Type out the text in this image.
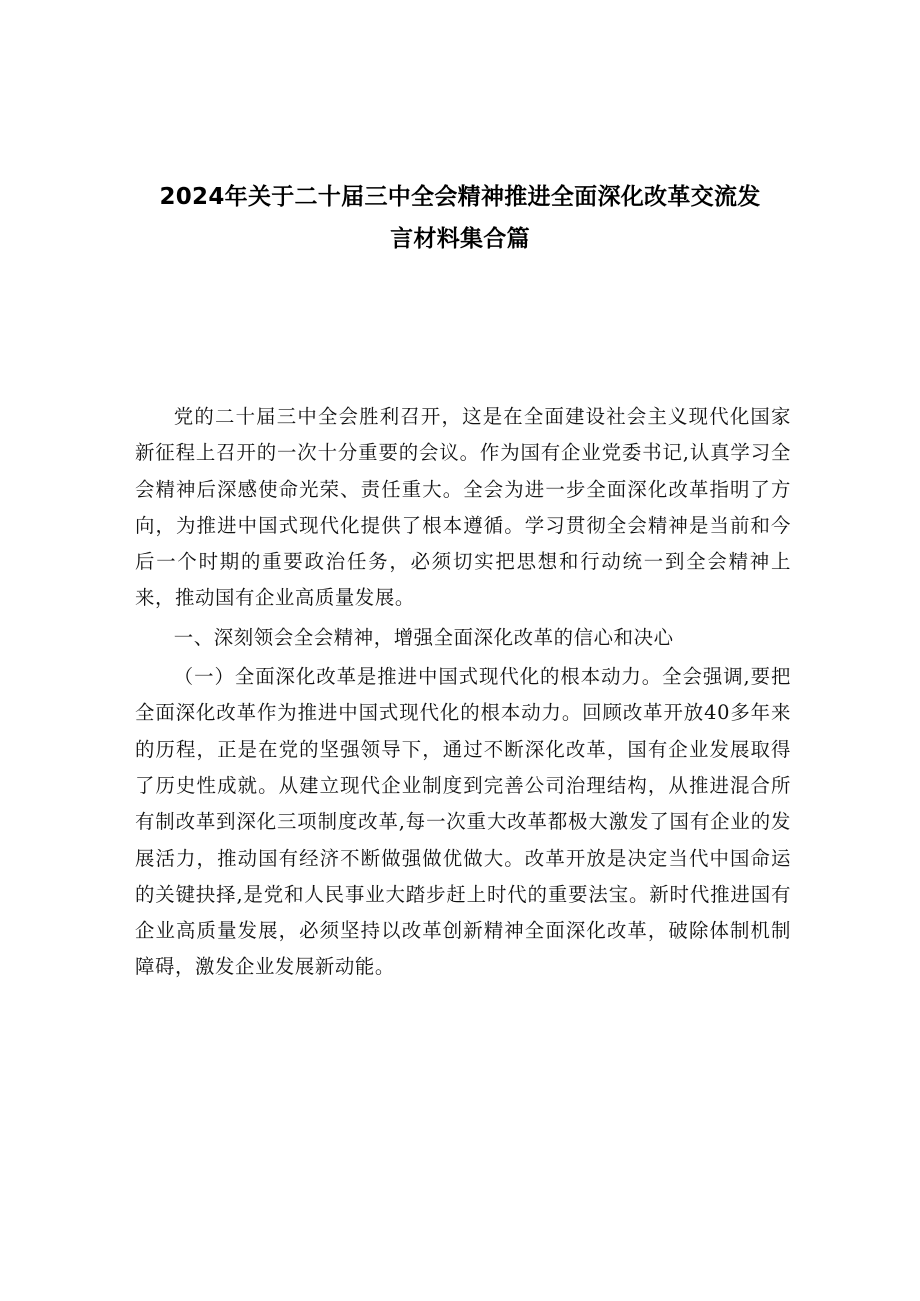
2024年关于二十届三中全会精神推进全面深化改革交流发
言材料集合篇

党的二十届三中全会胜利召开，这是在全面建设社会主义现代化国家新征程上召开的一次十分重要的会议。作为国有企业党委书记,认真学习全会精神后深感使命光荣、责任重大。全会为进一步全面深化改革指明了方向，为推进中国式现代化提供了根本遵循。学习贯彻全会精神是当前和今后一个时期的重要政治任务，必须切实把思想和行动统一到全会精神上来，推动国有企业高质量发展。

一、深刻领会全会精神，增强全面深化改革的信心和决心

（一）全面深化改革是推进中国式现代化的根本动力。全会强调,要把全面深化改革作为推进中国式现代化的根本动力。回顾改革开放40多年来的历程，正是在党的坚强领导下，通过不断深化改革，国有企业发展取得了历史性成就。从建立现代企业制度到完善公司治理结构，从推进混合所有制改革到深化三项制度改革,每一次重大改革都极大激发了国有企业的发展活力，推动国有经济不断做强做优做大。改革开放是决定当代中国命运的关键抉择,是党和人民事业大踏步赶上时代的重要法宝。新时代推进国有企业高质量发展，必须坚持以改革创新精神全面深化改革，破除体制机制障碍，激发企业发展新动能。
